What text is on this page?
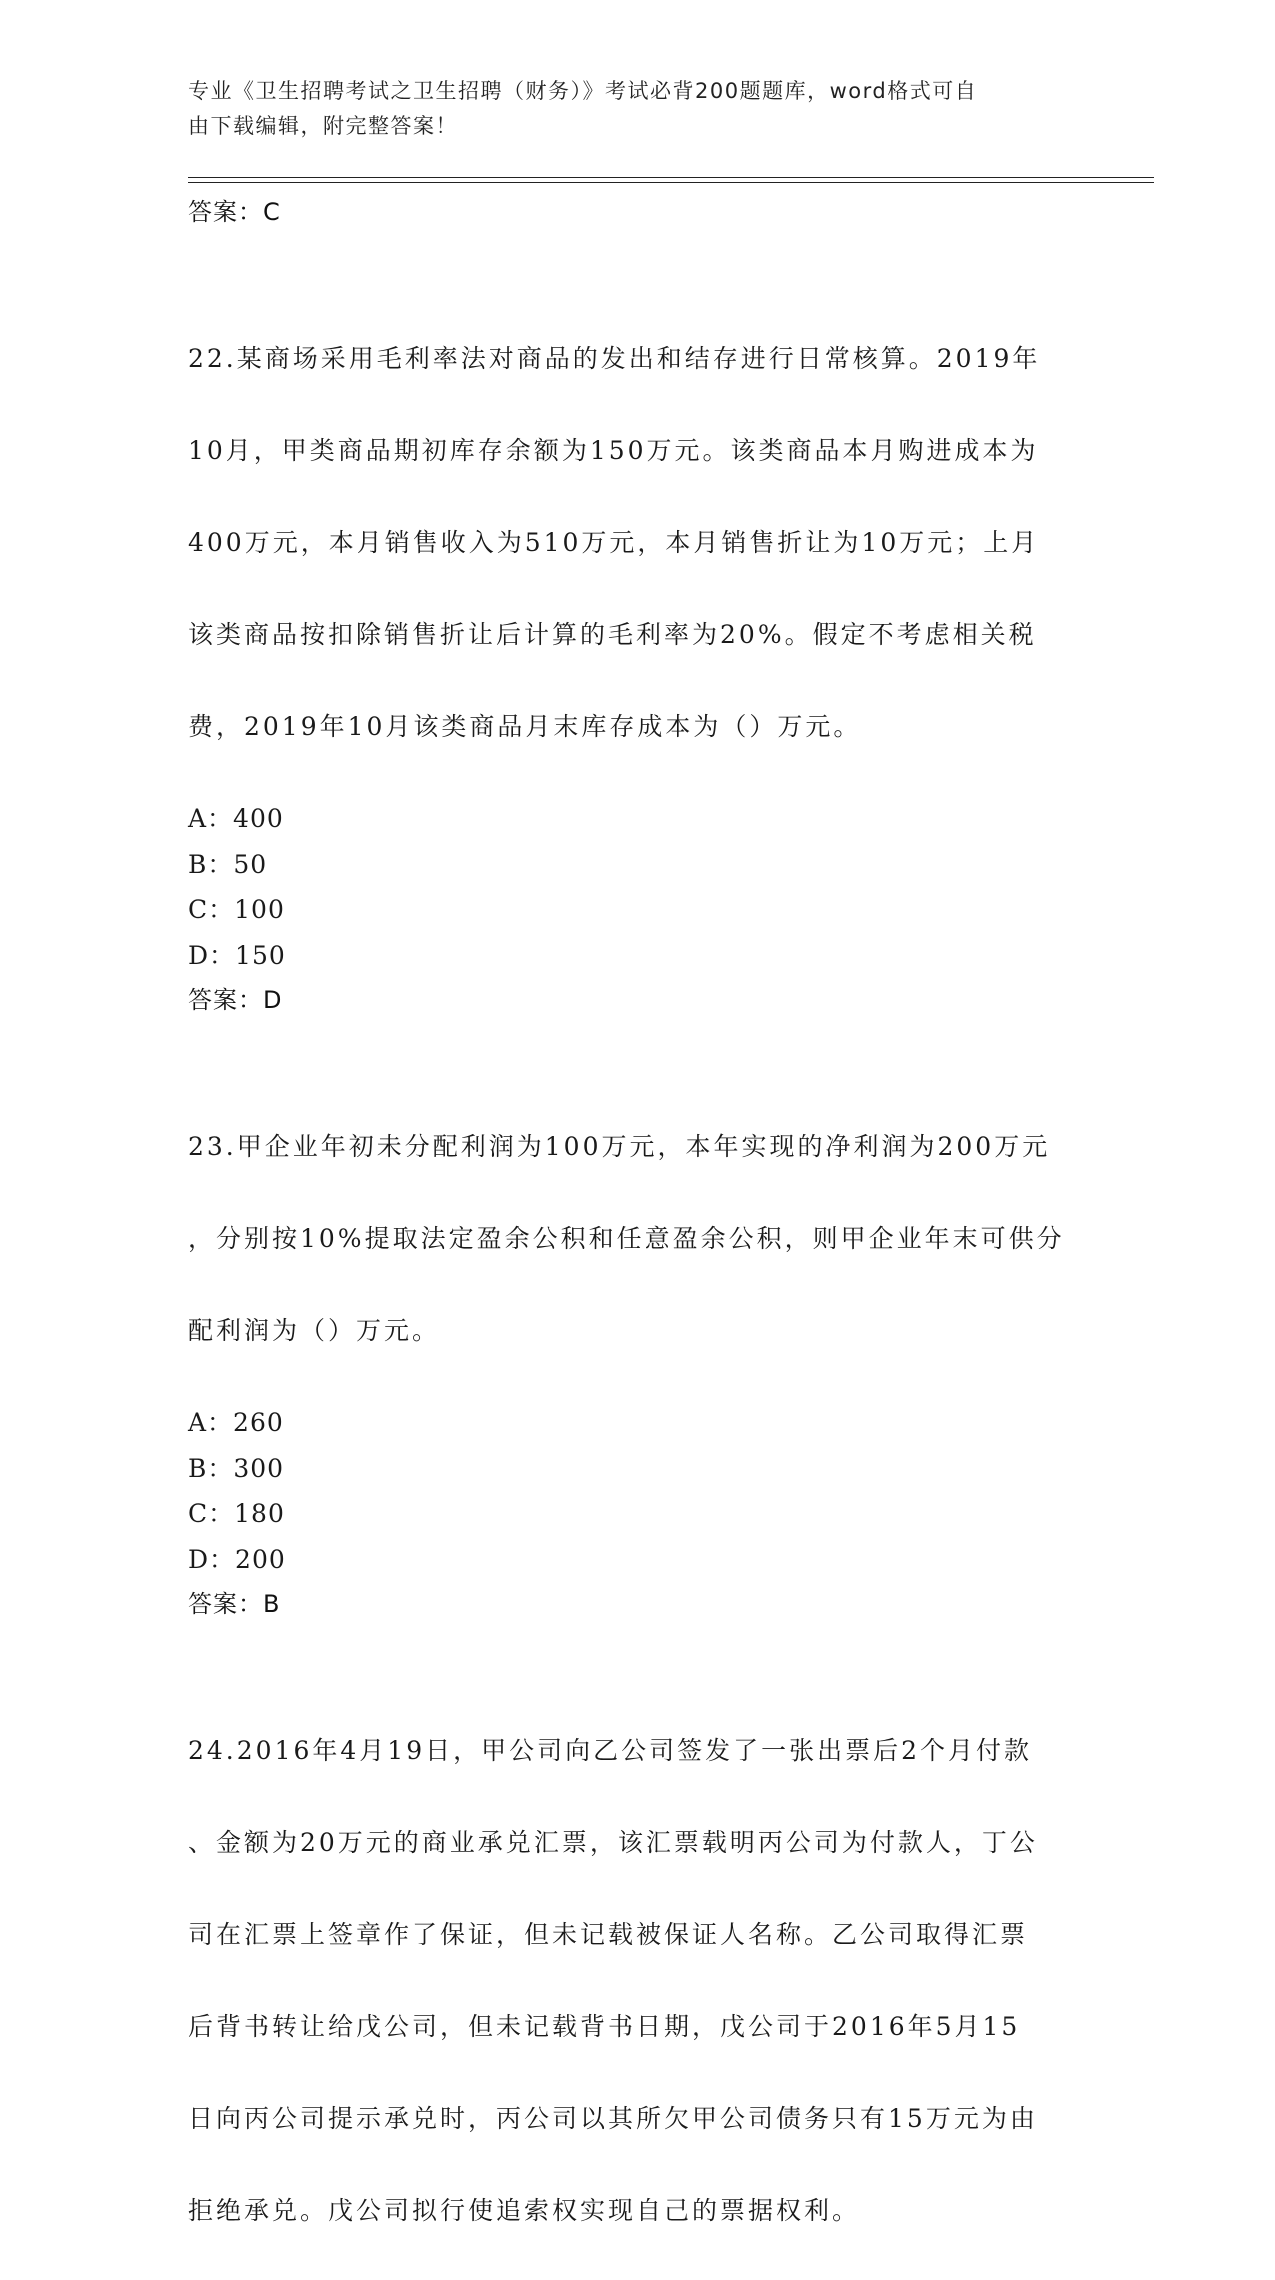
专业《卫生招聘考试之卫生招聘（财务）》考试必背200题题库，word格式可自
由下载编辑，附完整答案！
答案：C

22.某商场采用毛利率法对商品的发出和结存进行日常核算。2019年

10月，甲类商品期初库存余额为150万元。该类商品本月购进成本为

400万元，本月销售收入为510万元，本月销售折让为10万元；上月

该类商品按扣除销售折让后计算的毛利率为20%。假定不考虑相关税

费，2019年10月该类商品月末库存成本为（）万元。

A：400
B：50
C：100
D：150
答案：D

23.甲企业年初未分配利润为100万元，本年实现的净利润为200万元

，分别按10%提取法定盈余公积和任意盈余公积，则甲企业年末可供分

配利润为（）万元。

A：260
B：300
C：180
D：200
答案：B

24.2016年4月19日，甲公司向乙公司签发了一张出票后2个月付款

、金额为20万元的商业承兑汇票，该汇票载明丙公司为付款人，丁公

司在汇票上签章作了保证，但未记载被保证人名称。乙公司取得汇票

后背书转让给戊公司，但未记载背书日期，戊公司于2016年5月15

日向丙公司提示承兑时，丙公司以其所欠甲公司债务只有15万元为由

拒绝承兑。戊公司拟行使追索权实现自己的票据权利。
